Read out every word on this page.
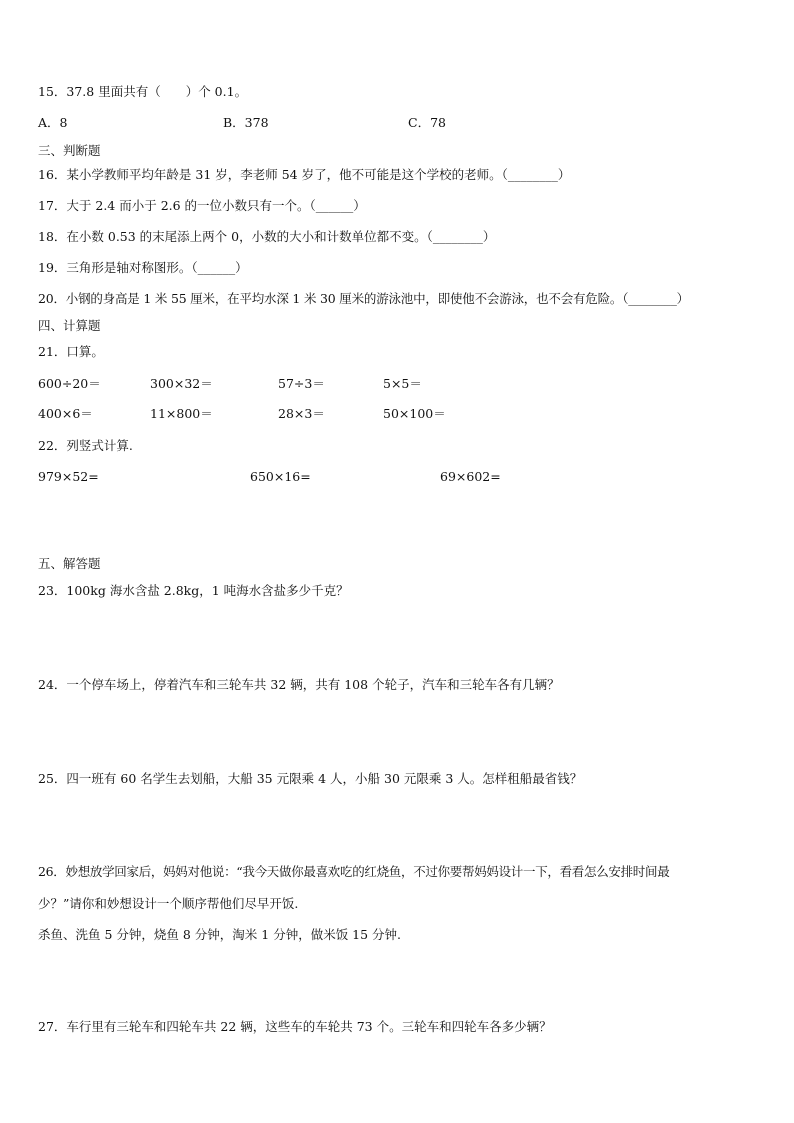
15．37.8 里面共有（　　）个 0.1。
A．8	B．378	C．78
三、判断题
16．某小学教师平均年龄是 31 岁，李老师 54 岁了，他不可能是这个学校的老师。（________）
17．大于 2.4 而小于 2.6 的一位小数只有一个。（______）
18．在小数 0.53 的末尾添上两个 0，小数的大小和计数单位都不变。（________）
19．三角形是轴对称图形。（______）
20．小钢的身高是 1 米 55 厘米，在平均水深 1 米 30 厘米的游泳池中，即使他不会游泳，也不会有危险。（________）
四、计算题
21．口算。
600÷20＝	300×32＝	57÷3＝	5×5＝
400×6＝	11×800＝	28×3＝	50×100＝
22．列竖式计算.
979×52=	650×16=	69×602=
五、解答题
23．100kg 海水含盐 2.8kg，1 吨海水含盐多少千克？
24．一个停车场上，停着汽车和三轮车共 32 辆，共有 108 个轮子，汽车和三轮车各有几辆？
25．四一班有 60 名学生去划船，大船 35 元限乘 4 人，小船 30 元限乘 3 人。怎样租船最省钱？
26．妙想放学回家后，妈妈对他说：“我今天做你最喜欢吃的红烧鱼，不过你要帮妈妈设计一下，看看怎么安排时间最
少？”请你和妙想设计一个顺序帮他们尽早开饭.
杀鱼、洗鱼 5 分钟，烧鱼 8 分钟，淘米 1 分钟，做米饭 15 分钟.
27．车行里有三轮车和四轮车共 22 辆，这些车的车轮共 73 个。三轮车和四轮车各多少辆？
